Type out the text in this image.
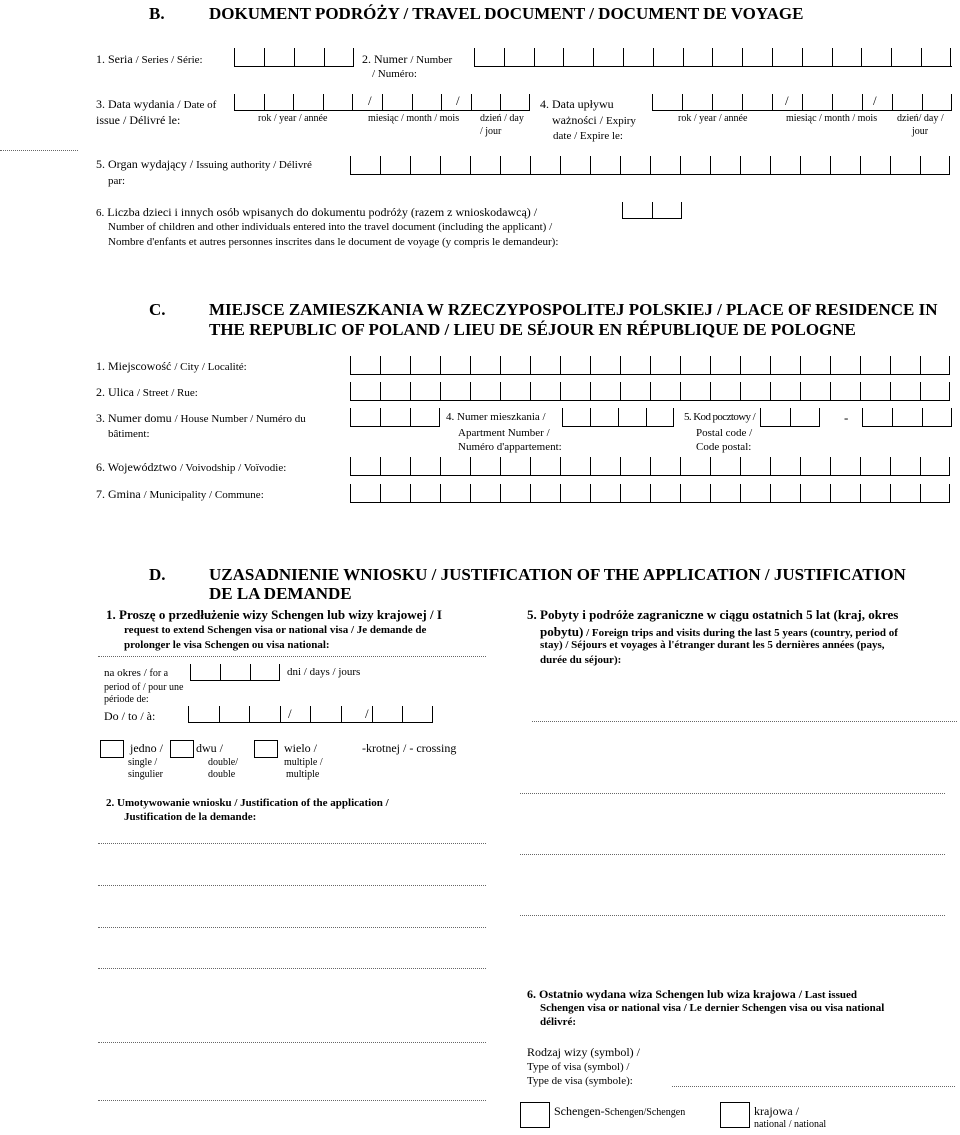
B.	DOKUMENT PODRÓŻY / TRAVEL DOCUMENT / DOCUMENT DE VOYAGE
1. Seria / Series / Série:	2. Numer / Number
/ Numéro:
3. Data wydania / Date of
issue / Délivré le:
/	/
rok / year / année	miesiąc / month / mois dzień / day
/ jour
4. Data upływu
ważności / Expiry
date / Expire le:
/	/
rok / year / année	miesiąc / month / mois dzień/ day /
jour
5. Organ wydający / Issuing authority / Délivré
par:
6. Liczba dzieci i innych osób wpisanych do dokumentu podróży (razem z wnioskodawcą) /
Number of children and other individuals entered into the travel document (including the applicant) /
Nombre d'enfants et autres personnes inscrites dans le document de voyage (y compris le demandeur):
C.	MIEJSCE ZAMIESZKANIA W RZECZYPOSPOLITEJ POLSKIEJ / PLACE OF RESIDENCE IN
THE REPUBLIC OF POLAND / LIEU DE SÉJOUR EN RÉPUBLIQUE DE POLOGNE
1. Miejscowość / City / Localité:
2. Ulica / Street / Rue:
3. Numer domu / House Number / Numéro du
bâtiment:
4. Numer mieszkania /
Apartment Number /
Numéro d'appartement:
5. Kod pocztowy /
Postal code /
Code postal:
-
6. Województwo / Voivodship / Voïvodie:
7. Gmina / Municipality / Commune:
D.	UZASADNIENIE WNIOSKU / JUSTIFICATION OF THE APPLICATION / JUSTIFICATION
DE LA DEMANDE
1. Proszę o przedłużenie wizy Schengen lub wizy krajowej / I
request to extend Schengen visa or national visa / Je demande de
prolonger le visa Schengen ou visa national:
na okres / for a
period of / pour une
période de:
dni / days / jours
Do / to / à:	/	/
jedno /
single /
singulier
dwu /
double/
double
wielo /
multiple /
multiple
-krotnej / - crossing
2. Umotywowanie wniosku / Justification of the application /
Justification de la demande:
5. Pobyty i podróże zagraniczne w ciągu ostatnich 5 lat (kraj, okres
pobytu) / Foreign trips and visits during the last 5 years (country, period of
stay) / Séjours et voyages à l'étranger durant les 5 dernières années (pays,
durée du séjour):
6. Ostatnio wydana wiza Schengen lub wiza krajowa / Last issued
Schengen visa or national visa / Le dernier Schengen visa ou visa national
délivré:
Rodzaj wizy (symbol) /
Type of visa (symbol) /
Type de visa (symbole):
Schengen-Schengen/Schengen	krajowa /
national / national
